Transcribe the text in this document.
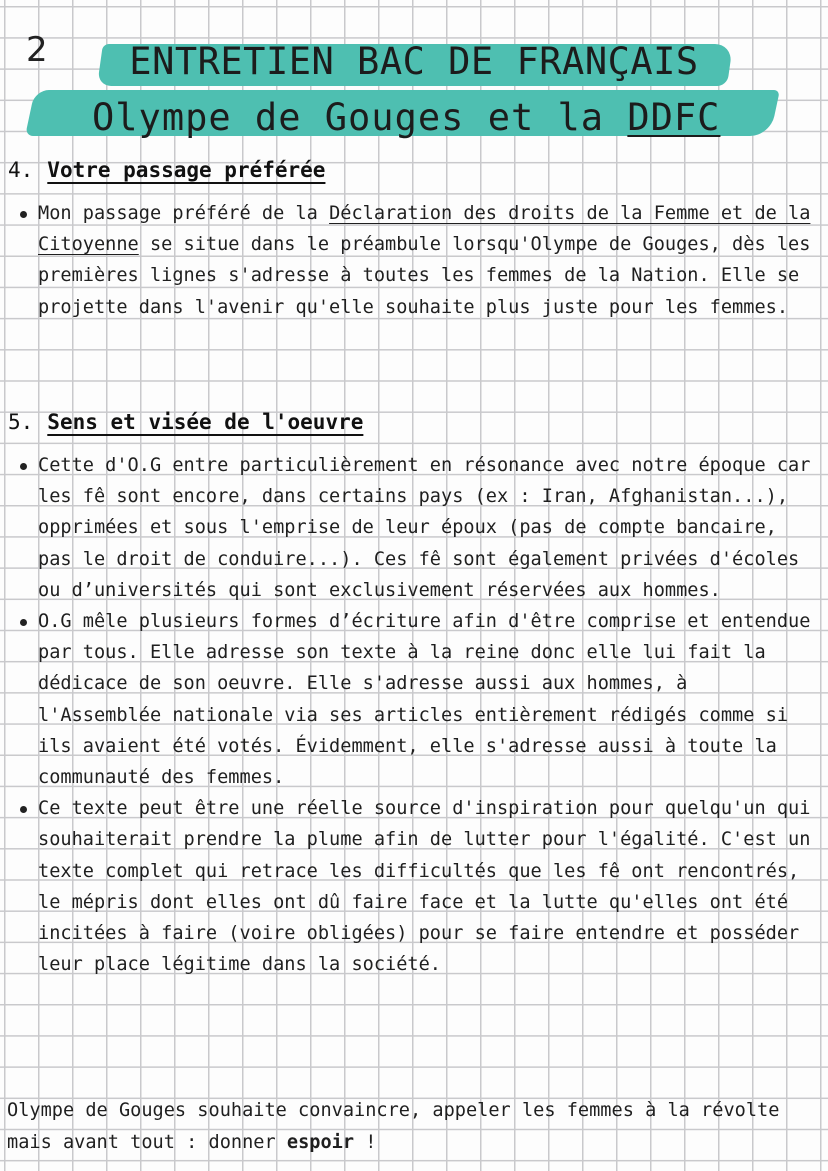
2	ENTRETIEN BAC DE FRANÇAIS
Olympe de Gouges et la DDFC
4. Votre passage préférée
Mon passage préféré de la Déclaration des droits de la Femme et de la Citoyenne se situe dans le préambule lorsqu'Olympe de Gouges, dès les premières lignes s'adresse à toutes les femmes de la Nation. Elle se projette dans l'avenir qu'elle souhaite plus juste pour les femmes.
5. Sens et visée de l'oeuvre
Cette d'O.G entre particulièrement en résonance avec notre époque car les fê sont encore, dans certains pays (ex : Iran, Afghanistan...), opprimées et sous l'emprise de leur époux (pas de compte bancaire, pas le droit de conduire...). Ces fê sont également privées d'écoles ou d’universités qui sont exclusivement réservées aux hommes.
O.G mêle plusieurs formes d’écriture afin d'être comprise et entendue par tous. Elle adresse son texte à la reine donc elle lui fait la dédicace de son oeuvre. Elle s'adresse aussi aux hommes, à l'Assemblée nationale via ses articles entièrement rédigés comme si ils avaient été votés. Évidemment, elle s'adresse aussi à toute la communauté des femmes.
Ce texte peut être une réelle source d'inspiration pour quelqu'un qui souhaiterait prendre la plume afin de lutter pour l'égalité. C'est un texte complet qui retrace les difficultés que les fê ont rencontrés, le mépris dont elles ont dû faire face et la lutte qu'elles ont été incitées à faire (voire obligées) pour se faire entendre et posséder leur place légitime dans la société.
Olympe de Gouges souhaite convaincre, appeler les femmes à la révolte mais avant tout : donner espoir !
